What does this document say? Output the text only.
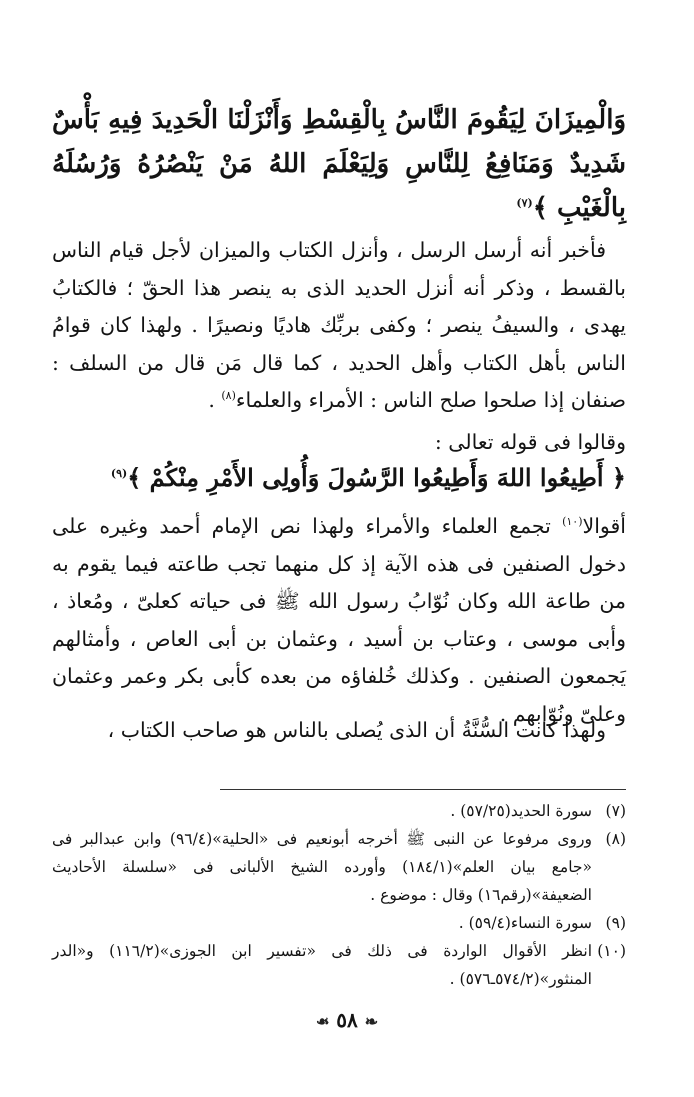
وَالْمِيزَانَ لِيَقُومَ النَّاسُ بِالْقِسْطِ وَأَنْزَلْنَا الْحَدِيدَ فِيهِ بَأْسٌ شَدِيدٌ وَمَنَافِعُ لِلنَّاسِ وَلِيَعْلَمَ اللهُ مَنْ يَنْصُرُهُ وَرُسُلَهُ بِالْغَيْبِ ﴾$^{(٧)}$
فأخبر أنه أرسل الرسل ، وأنزل الكتاب والميزان لأجل قيام الناس بالقسط ، وذكر أنه أنزل الحديد الذى به ينصر هذا الحقّ ؛ فالكتابُ يهدى ، والسيفُ ينصر ؛ وكفى بربِّك هاديًا ونصيرًا . ولهذا كان قوامُ الناس بأهل الكتاب وأهل الحديد ، كما قال مَن قال من السلف : صنفان إذا صلحوا صلح الناس : الأمراء والعلماء$^{(٨)}$ .
وقالوا فى قوله تعالى :
﴿ أَطِيعُوا اللهَ وَأَطِيعُوا الرَّسُولَ وَأُولِى الأَمْرِ مِنْكُمْ ﴾$^{(٩)}$
أقوالا$^{(١٠)}$ تجمع العلماء والأمراء ولهذا نص الإمام أحمد وغيره على دخول الصنفين فى هذه الآية إذ كل منهما تجب طاعته فيما يقوم به من طاعة الله وكان نُوّابُ رسول الله ﷺ فى حياته كعلىّ ، ومُعاذ ، وأبى موسى ، وعتاب بن أسيد ، وعثمان بن أبى العاص ، وأمثالهم يَجمعون الصنفين . وكذلك خُلفاؤه من بعده كأبى بكر وعمر وعثمان وعلىّ ونُوّابهم .
ولهذا كانت السُّنَّةُ أن الذى يُصلى بالناس هو صاحب الكتاب ،
(٧)
سورة الحديد(٥٧/٢٥) .
(٨)
وروى مرفوعا عن النبى ﷺ أخرجه أبونعيم فى «الحلية»(٩٦/٤) وابن عبدالبر فى «جامع بيان العلم»(١٨٤/١) وأورده الشيخ الألبانى فى «سلسلة الأحاديث الضعيفة»(رقم١٦) وقال : موضوع .
(٩)
سورة النساء(٥٩/٤) .
(١٠)
انظر الأقوال الواردة فى ذلك فى «تفسير ابن الجوزى»(١١٦/٢) و«الدر المنثور»(٥٧٤/٢ـ٥٧٦) .
❧ ٥٨ ❧
